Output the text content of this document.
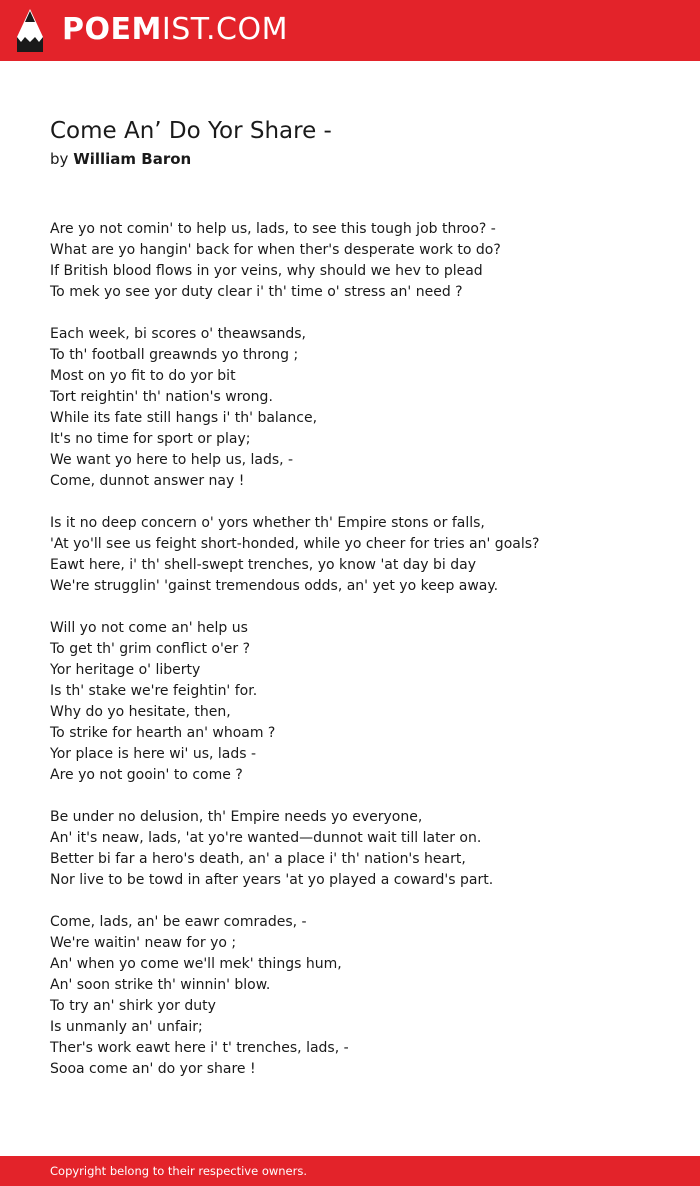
POEMIST.COM
Come An’ Do Yor Share -
by William Baron
Are yo not comin' to help us, lads, to see this tough job throo? -
What are yo hangin' back for when ther's desperate work to do?
If British blood flows in yor veins, why should we hev to plead
To mek yo see yor duty clear i' th' time o' stress an' need ?
Each week, bi scores o' theawsands,
To th' football greawnds yo throng ;
Most on yo fit to do yor bit
Tort reightin' th' nation's wrong.
While its fate still hangs i' th' balance,
It's no time for sport or play;
We want yo here to help us, lads, -
Come, dunnot answer nay !
Is it no deep concern o' yors whether th' Empire stons or falls,
'At yo'll see us feight short-honded, while yo cheer for tries an' goals?
Eawt here, i' th' shell-swept trenches, yo know 'at day bi day
We're strugglin' 'gainst tremendous odds, an' yet yo keep away.
Will yo not come an' help us
To get th' grim conflict o'er ?
Yor heritage o' liberty
Is th' stake we're feightin' for.
Why do yo hesitate, then,
To strike for hearth an' whoam ?
Yor place is here wi' us, lads -
Are yo not gooin' to come ?
Be under no delusion, th' Empire needs yo everyone,
An' it's neaw, lads, 'at yo're wanted—dunnot wait till later on.
Better bi far a hero's death, an' a place i' th' nation's heart,
Nor live to be towd in after years 'at yo played a coward's part.
Come, lads, an' be eawr comrades, -
We're waitin' neaw for yo ;
An' when yo come we'll mek' things hum,
An' soon strike th' winnin' blow.
To try an' shirk yor duty
Is unmanly an' unfair;
Ther's work eawt here i' t' trenches, lads, -
Sooa come an' do yor share !
Copyright belong to their respective owners.
